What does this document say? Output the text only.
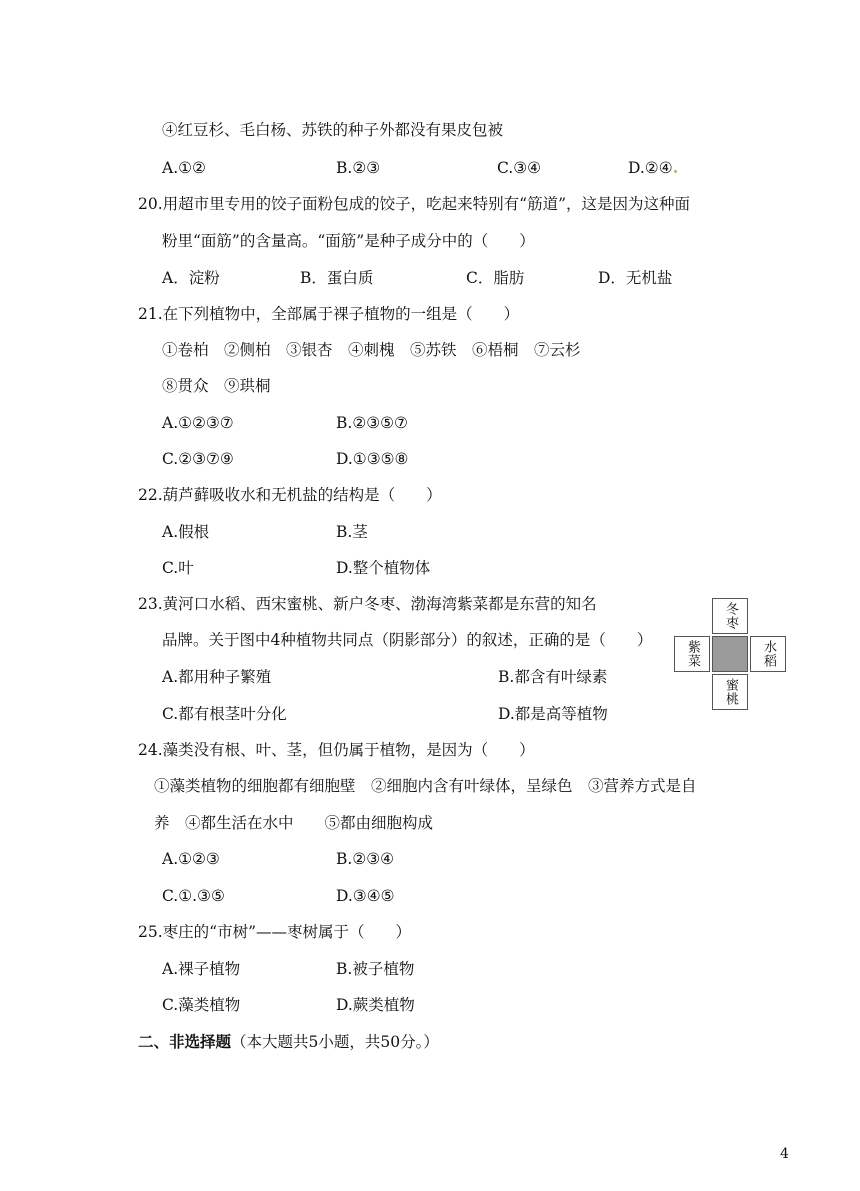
④红豆杉、毛白杨、苏铁的种子外都没有果皮包被
A.①②	B.②③	C.③④	D.②④
20.用超市里专用的饺子面粉包成的饺子，吃起来特别有“筋道”，这是因为这种面
粉里“面筋”的含量高。“面筋”是种子成分中的（　　）
A．淀粉	B．蛋白质	C．脂肪	D．无机盐
21.在下列植物中，全部属于裸子植物的一组是（　　）
①卷柏　②侧柏　③银杏　④刺槐　⑤苏铁　⑥梧桐　⑦云杉
⑧贯众　⑨珙桐
A.①②③⑦	B.②③⑤⑦
C.②③⑦⑨	D.①③⑤⑧
22.葫芦藓吸收水和无机盐的结构是（　　）
A.假根	B.茎
C.叶	D.整个植物体
23.黄河口水稻、西宋蜜桃、新户冬枣、渤海湾紫菜都是东营的知名
品牌。关于图中4种植物共同点（阴影部分）的叙述，正确的是（　　）
A.都用种子繁殖	B.都含有叶绿素
C.都有根茎叶分化	D.都是高等植物
冬枣
紫菜	水稻
蜜桃
24.藻类没有根、叶、茎，但仍属于植物，是因为（　　）
①藻类植物的细胞都有细胞壁　②细胞内含有叶绿体，呈绿色　③营养方式是自
养　④都生活在水中　　⑤都由细胞构成
A.①②③	B.②③④
C.①.③⑤	D.③④⑤
25.枣庄的“市树”——枣树属于（　　）
A.裸子植物	B.被子植物
C.藻类植物	D.蕨类植物
二、非选择题（本大题共5小题，共50分。）
4
